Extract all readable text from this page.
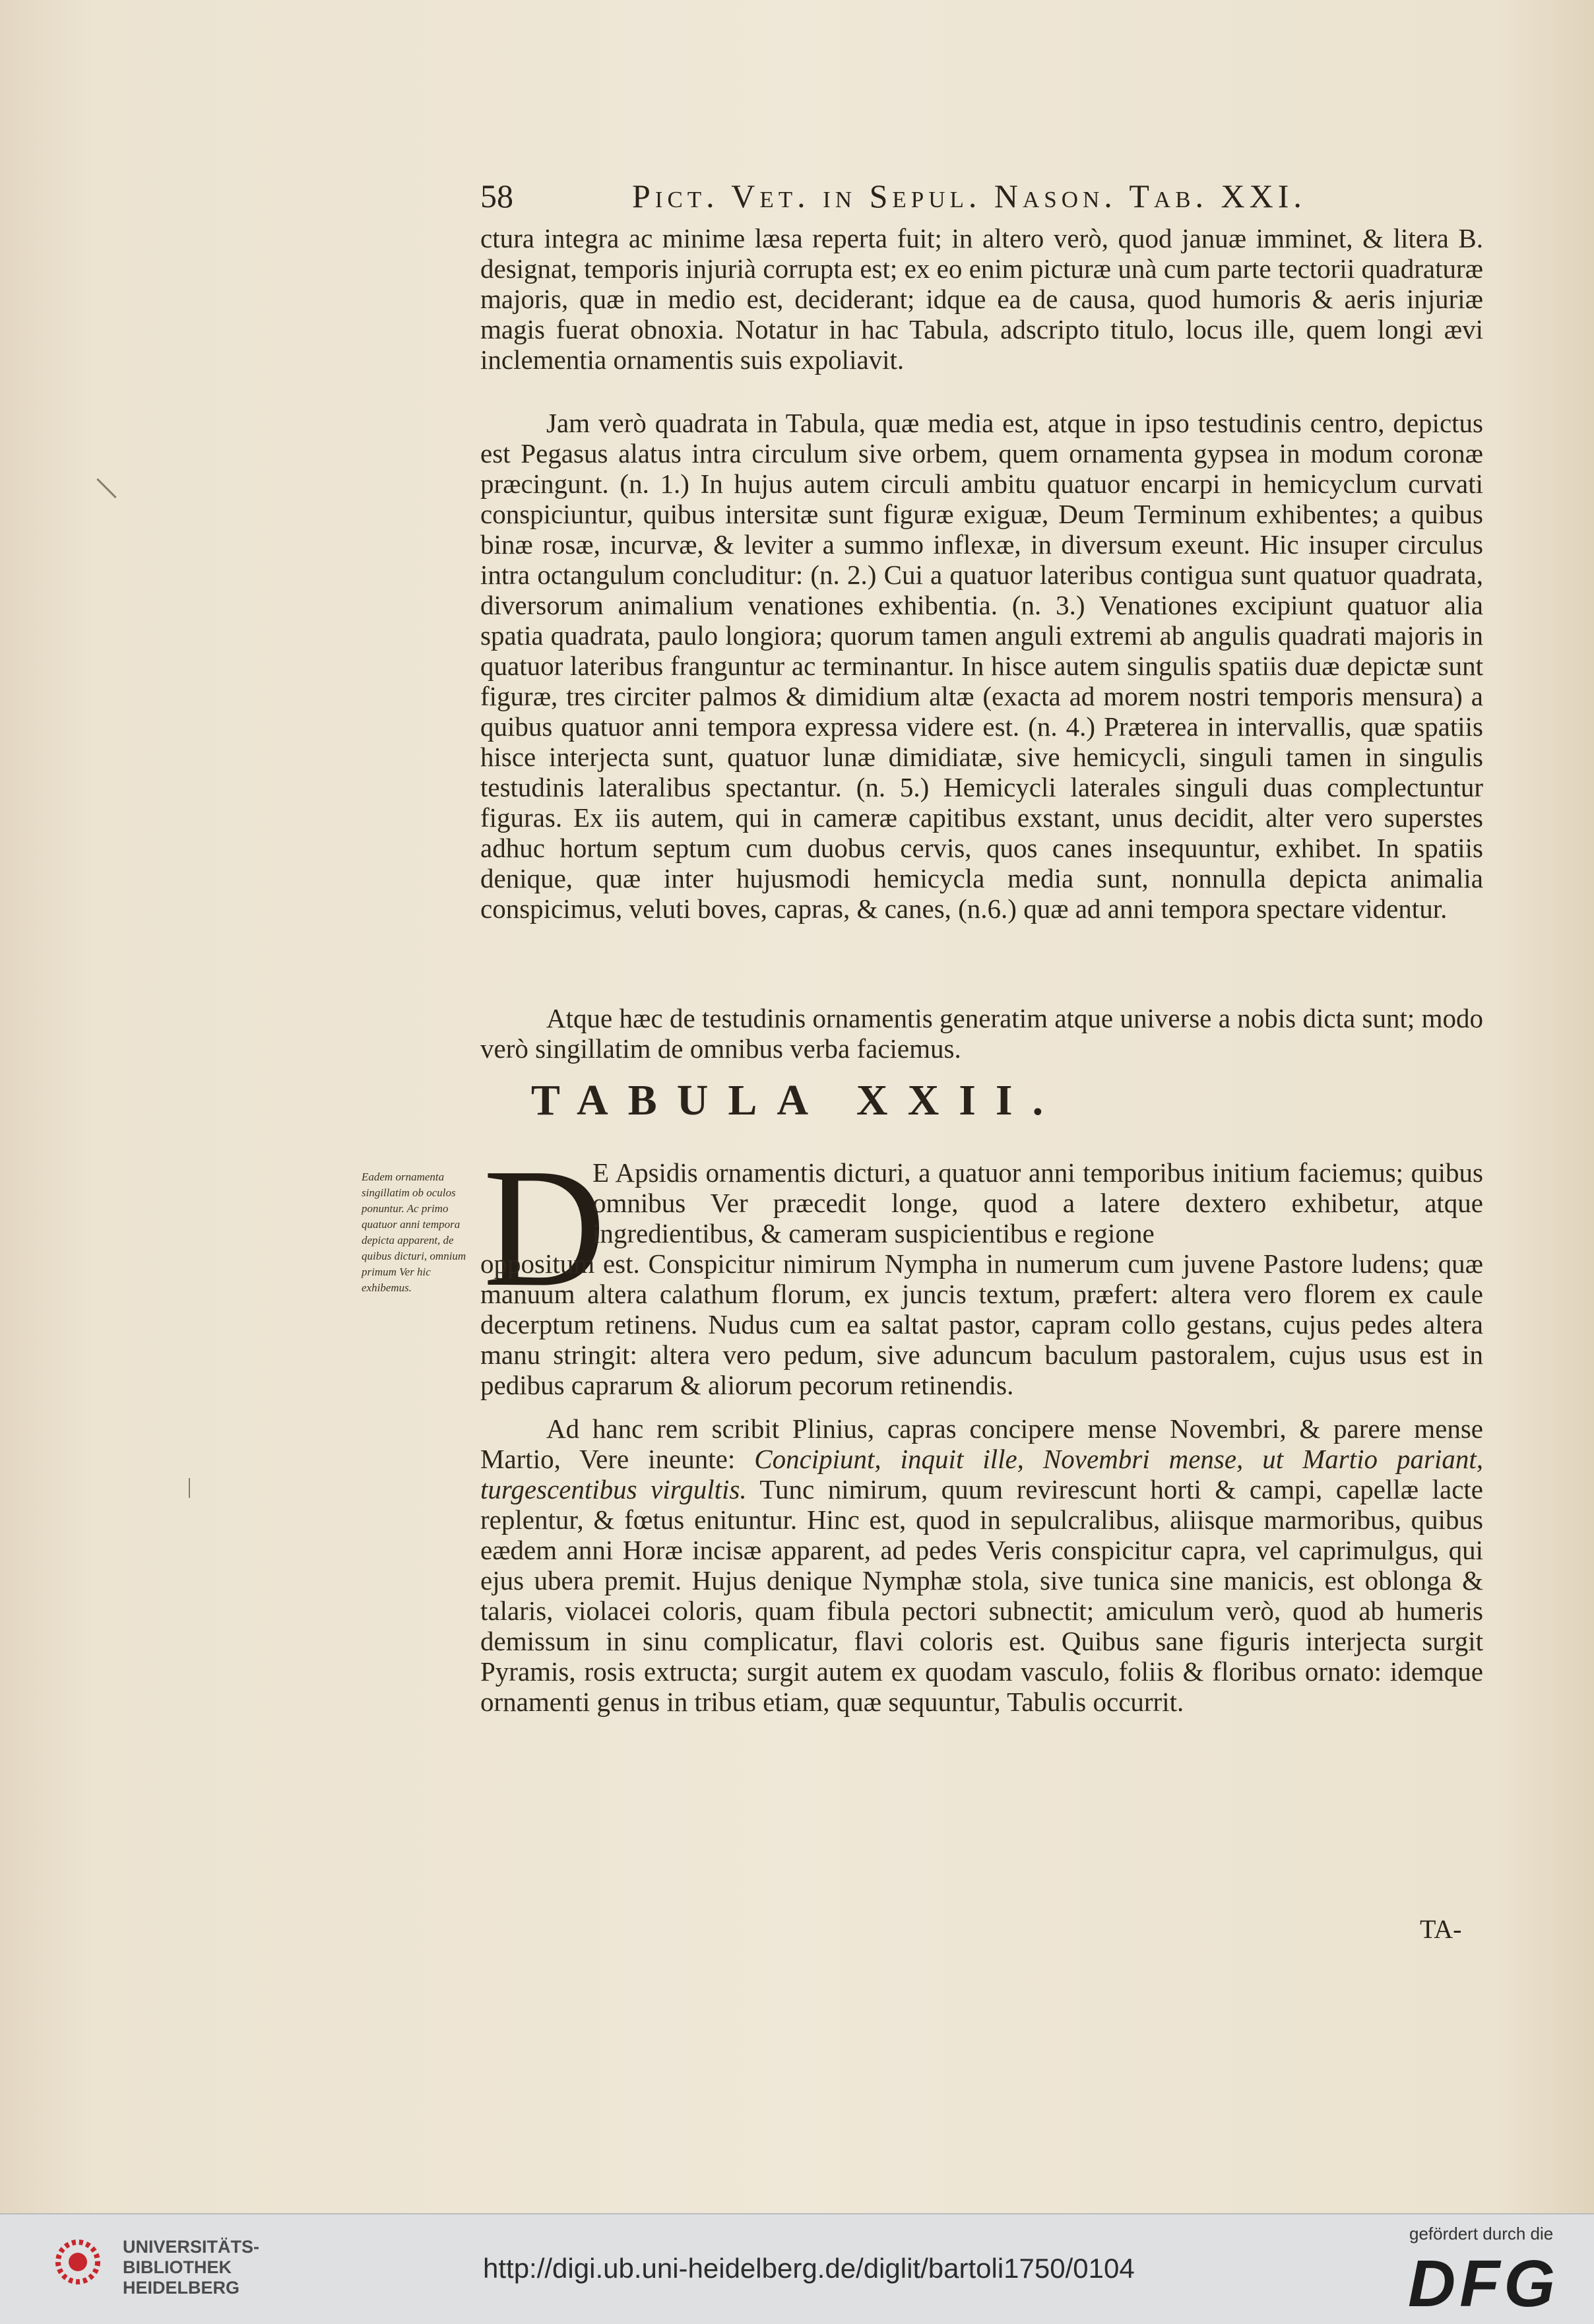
58	Pict. Vet. in Sepul. Nason. Tab. XXI.

ctura integra ac minime læsa reperta fuit; in altero verò, quod januæ imminet, & litera B. designat, temporis injurià corrupta est; ex eo enim picturæ unà cum parte tectorii quadraturæ majoris, quæ in medio est, deciderant; idque ea de causa, quod humoris & aeris injuriæ magis fuerat obnoxia. Notatur in hac Tabula, adscripto titulo, locus ille, quem longi ævi inclementia ornamentis suis expoliavit.

Jam verò quadrata in Tabula, quæ media est, atque in ipso testudinis centro, depictus est Pegasus alatus intra circulum sive orbem, quem ornamenta gypsea in modum coronæ præcingunt. (n. 1.) In hujus autem circuli ambitu quatuor encarpi in hemicyclum curvati conspiciuntur, quibus intersitæ sunt figuræ exiguæ, Deum Terminum exhibentes; a quibus binæ rosæ, incurvæ, & leviter a summo inflexæ, in diversum exeunt. Hic insuper circulus intra octangulum concluditur: (n. 2.) Cui a quatuor lateribus contigua sunt quatuor quadrata, diversorum animalium venationes exhibentia. (n. 3.) Venationes excipiunt quatuor alia spatia quadrata, paulo longiora; quorum tamen anguli extremi ab angulis quadrati majoris in quatuor lateribus franguntur ac terminantur. In hisce autem singulis spatiis duæ depictæ sunt figuræ, tres circiter palmos & dimidium altæ (exacta ad morem nostri temporis mensura) a quibus quatuor anni tempora expressa videre est. (n. 4.) Præterea in intervallis, quæ spatiis hisce interjecta sunt, quatuor lunæ dimidiatæ, sive hemicycli, singuli tamen in singulis testudinis lateralibus spectantur. (n. 5.) Hemicycli laterales singuli duas complectuntur figuras. Ex iis autem, qui in cameræ capitibus exstant, unus decidit, alter vero superstes adhuc hortum septum cum duobus cervis, quos canes insequuntur, exhibet. In spatiis denique, quæ inter hujusmodi hemicycla media sunt, nonnulla depicta animalia conspicimus, veluti boves, capras, & canes, (n.6.) quæ ad anni tempora spectare videntur.

Atque hæc de testudinis ornamentis generatim atque universe a nobis dicta sunt; modo verò singillatim de omnibus verba faciemus.

TABULA XXII.
D

E Apsidis ornamentis dicturi, a quatuor anni temporibus initium faciemus; quibus omnibus Ver præcedit longe, quod a latere dextero exhibetur, atque ingredientibus, & cameram suspicientibus e regione
oppositum est. Conspicitur nimirum Nympha in numerum cum juvene Pastore ludens; quæ manuum altera calathum florum, ex juncis textum, præfert: altera vero florem ex caule decerptum retinens. Nudus cum ea saltat pastor, capram collo gestans, cujus pedes altera manu stringit: altera vero pedum, sive aduncum baculum pastoralem, cujus usus est in pedibus caprarum & aliorum pecorum retinendis.

Ad hanc rem scribit Plinius, capras concipere mense Novembri, & parere mense Martio, Vere ineunte: Concipiunt, inquit ille, Novembri mense, ut Martio pariant, turgescentibus virgultis. Tunc nimirum, quum revirescunt horti & campi, capellæ lacte replentur, & fœtus enituntur. Hinc est, quod in sepulcralibus, aliisque marmoribus, quibus eædem anni Horæ incisæ apparent, ad pedes Veris conspicitur capra, vel caprimulgus, qui ejus ubera premit. Hujus denique Nymphæ stola, sive tunica sine manicis, est oblonga & talaris, violacei coloris, quam fibula pectori subnectit; amiculum verò, quod ab humeris demissum in sinu complicatur, flavi coloris est. Quibus sane figuris interjecta surgit Pyramis, rosis extructa; surgit autem ex quodam vasculo, foliis & floribus ornato: idemque ornamenti genus in tribus etiam, quæ sequuntur, Tabulis occurrit.

Eadem ornamenta singillatim ob oculos ponuntur. Ac primo quatuor anni tempora depicta apparent, de quibus dicturi, omnium primum Ver hic exhibemus.

TA-

UNIVERSITÄTS-
BIBLIOTHEK
HEIDELBERG

http://digi.ub.uni-heidelberg.de/diglit/bartoli1750/0104
gefördert durch die
DFG
